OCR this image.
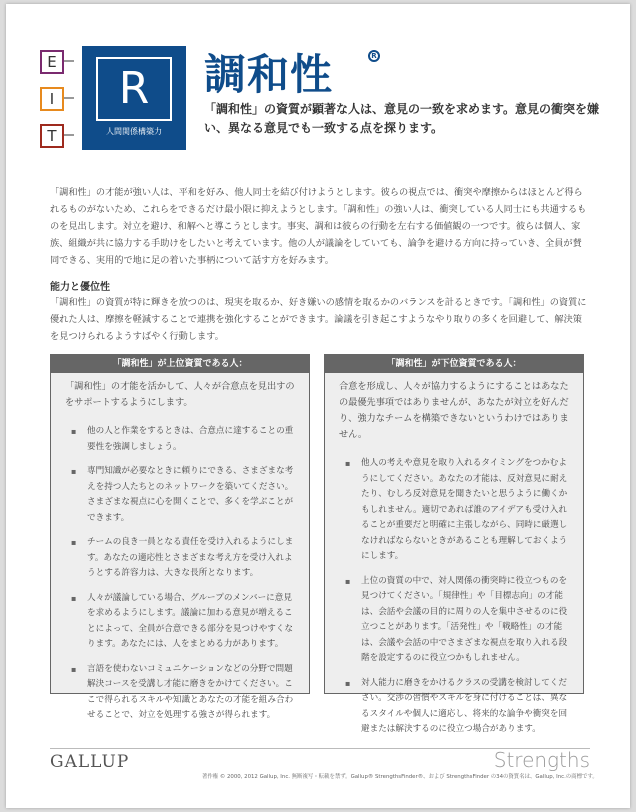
E
I
T
R
人間関係構築力
調和性	R
「調和性」の資質が顕著な人は、意見の一致を求めます。意見の衝突を嫌い、異なる意見でも一致する点を探ります。

「調和性」の才能が強い人は、平和を好み、他人同士を結び付けようとします。彼らの視点では、衝突や摩擦からはほとんど得られるものがないため、これらをできるだけ最小限に抑えようとします。「調和性」の強い人は、衝突している人同士にも共通するものを見出します。対立を避け、和解へと導こうとします。事実、調和は彼らの行動を左右する価値観の一つです。彼らは個人、家族、組織が共に協力する手助けをしたいと考えています。他の人が議論をしていても、論争を避ける方向に持っていき、全員が賛同できる、実用的で地に足の着いた事柄について話す方を好みます。

能力と優位性

「調和性」の資質が特に輝きを放つのは、現実を取るか、好き嫌いの感情を取るかのバランスを計るときです。「調和性」の資質に優れた人は、摩擦を軽減することで連携を強化することができます。論議を引き起こすようなやり取りの多くを回避して、解決策を見つけられるようすばやく行動します。

「調和性」が上位資質である人：

「調和性」の才能を活かして、人々が合意点を見出すのをサポートするようにします。

▪ 他の人と作業をするときは、合意点に達することの重要性を強調しましょう。
▪ 専門知識が必要なときに頼りにできる、さまざまな考えを持つ人たちとのネットワークを築いてください。さまざまな視点に心を開くことで、多くを学ぶことができます。
▪ チームの良き一員となる責任を受け入れるようにします。あなたの適応性とさまざまな考え方を受け入れようとする許容力は、大きな長所となります。
▪ 人々が議論している場合、グループのメンバーに意見を求めるようにします。議論に加わる意見が増えることによって、全員が合意できる部分を見つけやすくなります。あなたには、人をまとめる力があります。
▪ 言語を使わないコミュニケーションなどの分野で問題解決コースを受講し才能に磨きをかけてください。ここで得られるスキルや知識とあなたの才能を組み合わせることで、対立を処理する強さが得られます。
「調和性」が下位資質である人：

合意を形成し、人々が協力するようにすることはあなたの最優先事項ではありませんが、あなたが対立を好んだり、強力なチームを構築できないというわけではありません。

▪ 他人の考えや意見を取り入れるタイミングをつかむようにしてください。あなたの才能は、反対意見に耐えたり、むしろ反対意見を聞きたいと思うように働くかもしれません。適切であれば誰のアイデアも受け入れることが重要だと明確に主張しながら、同時に厳選しなければならないときがあることも理解しておくようにします。
▪ 上位の資質の中で、対人関係の衝突時に役立つものを見つけてください。「規律性」や「目標志向」の才能は、会話や会議の目的に周りの人を集中させるのに役立つことがあります。「活発性」や「戦略性」の才能は、会議や会話の中でさまざまな視点を取り入れる段階を設定するのに役立つかもしれません。
▪ 対人能力に磨きをかけるクラスの受講を検討してください。交渉の習慣やスキルを身に付けることは、異なるスタイルや個人に適応し、将来的な論争や衝突を回避または解決するのに役立つ場合があります。
GALLUP	Strengths
著作権 © 2000, 2012 Gallup, Inc. 無断複写・転載を禁ず。Gallup® StrengthsFinder®、および StrengthsFinder の34の資質名は、Gallup, Inc.の商標です。
